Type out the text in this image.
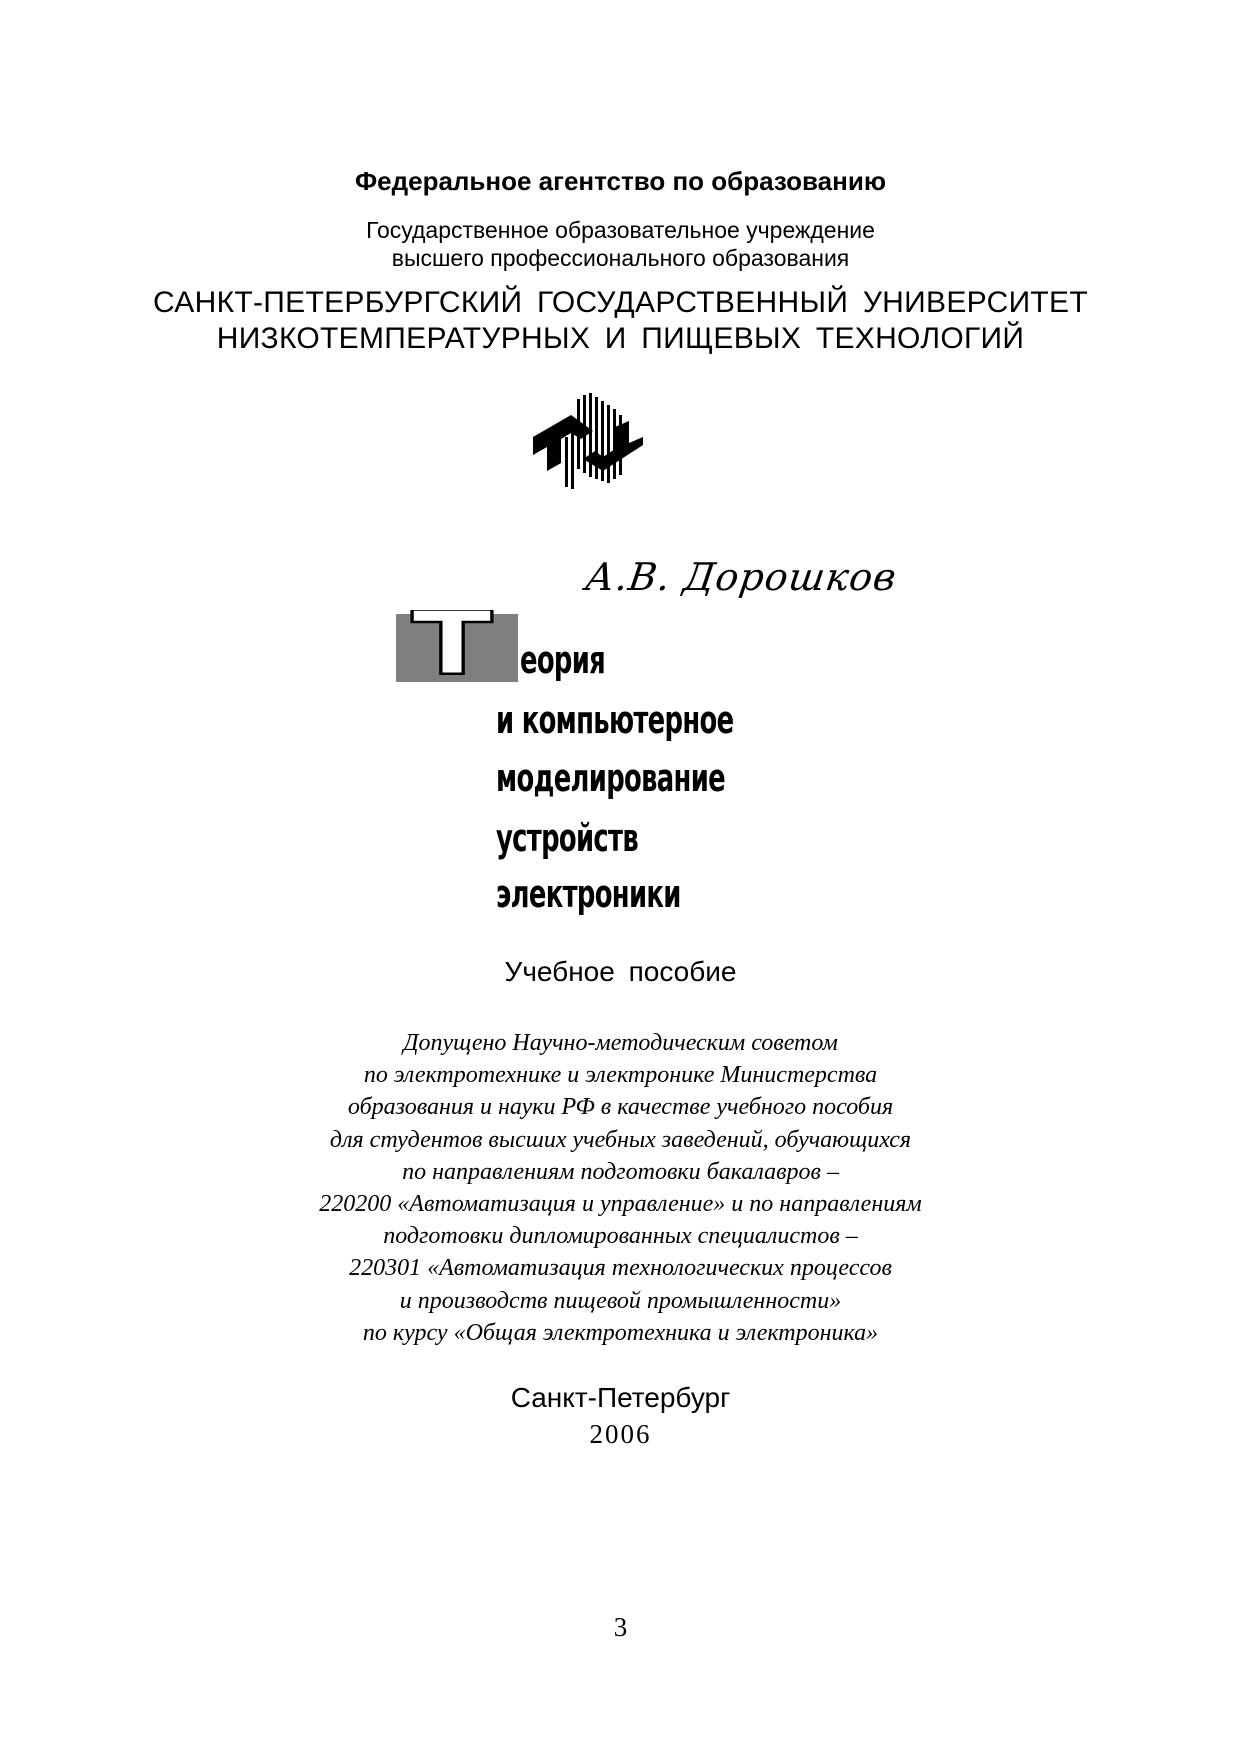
Федеральное агентство по образованию
Государственное образовательное учреждение
высшего профессионального образования
САНКТ-ПЕТЕРБУРГСКИЙ ГОСУДАРСТВЕННЫЙ УНИВЕРСИТЕТ
НИЗКОТЕМПЕРАТУРНЫХ И ПИЩЕВЫХ ТЕХНОЛОГИЙ
А.В. Дорошков
Т еория
и компьютерное
моделирование
устройств
электроники
Учебное пособие
Допущено Научно-методическим советом
по электротехнике и электронике Министерства
образования и науки РФ в качестве учебного пособия
для студентов высших учебных заведений, обучающихся
по направлениям подготовки бакалавров –
220200 «Автоматизация и управление» и по направлениям
подготовки дипломированных специалистов –
220301 «Автоматизация технологических процессов
и производств пищевой промышленности»
по курсу «Общая электротехника и электроника»
Санкт-Петербург
2006
3
